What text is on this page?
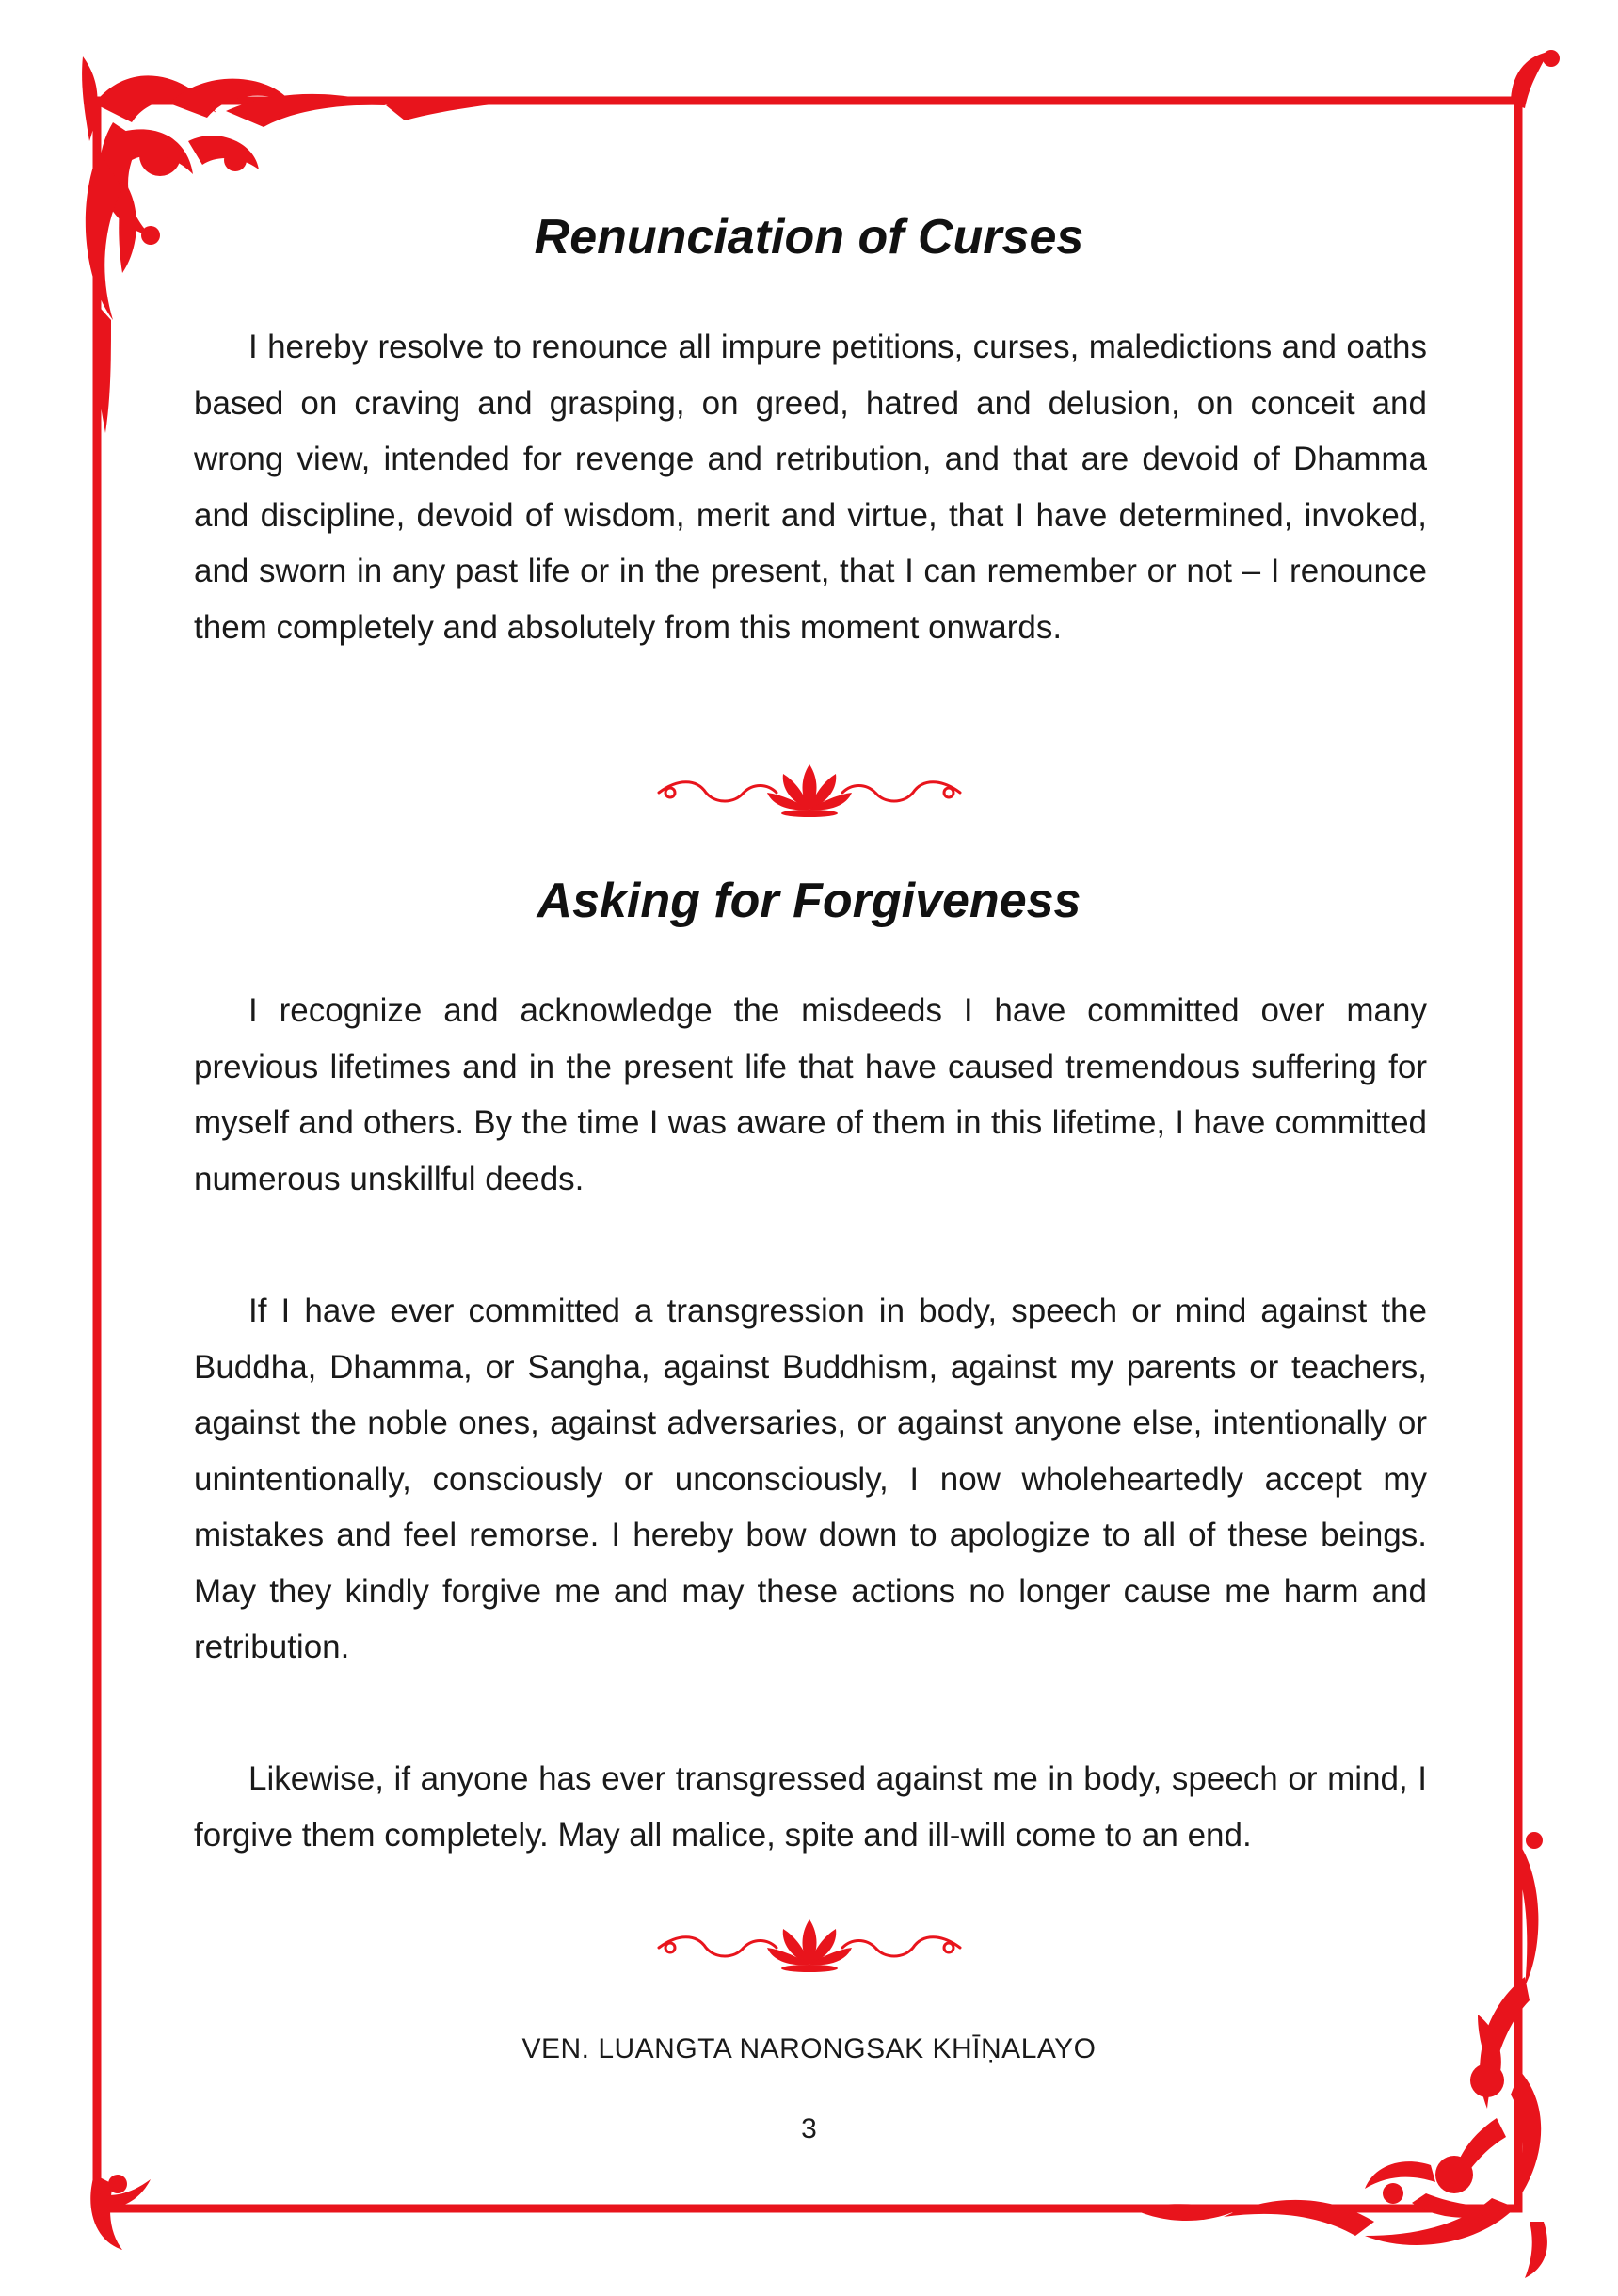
Renunciation of Curses

I hereby resolve to renounce all impure petitions, curses, maledictions and oaths based on craving and grasping, on greed, hatred and delusion, on conceit and wrong view, intended for revenge and retribution, and that are devoid of Dhamma and discipline, devoid of wisdom, merit and virtue, that I have determined, invoked, and sworn in any past life or in the present, that I can remember or not – I renounce them completely and absolutely from this moment onwards.

Asking for Forgiveness

I recognize and acknowledge the misdeeds I have committed over many previous lifetimes and in the present life that have caused tremendous suffering for myself and others. By the time I was aware of them in this lifetime, I have committed numerous unskillful deeds.

If I have ever committed a transgression in body, speech or mind against the Buddha, Dhamma, or Sangha, against Buddhism, against my parents or teachers, against the noble ones, against adversaries, or against anyone else, intentionally or unintentionally, consciously or unconsciously, I now wholeheartedly accept my mistakes and feel remorse. I hereby bow down to apologize to all of these beings. May they kindly forgive me and may these actions no longer cause me harm and retribution.

Likewise, if anyone has ever transgressed against me in body, speech or mind, I forgive them completely. May all malice, spite and ill-will come to an end.

VEN. LUANGTA NARONGSAK KHĪṆALAYO
3
